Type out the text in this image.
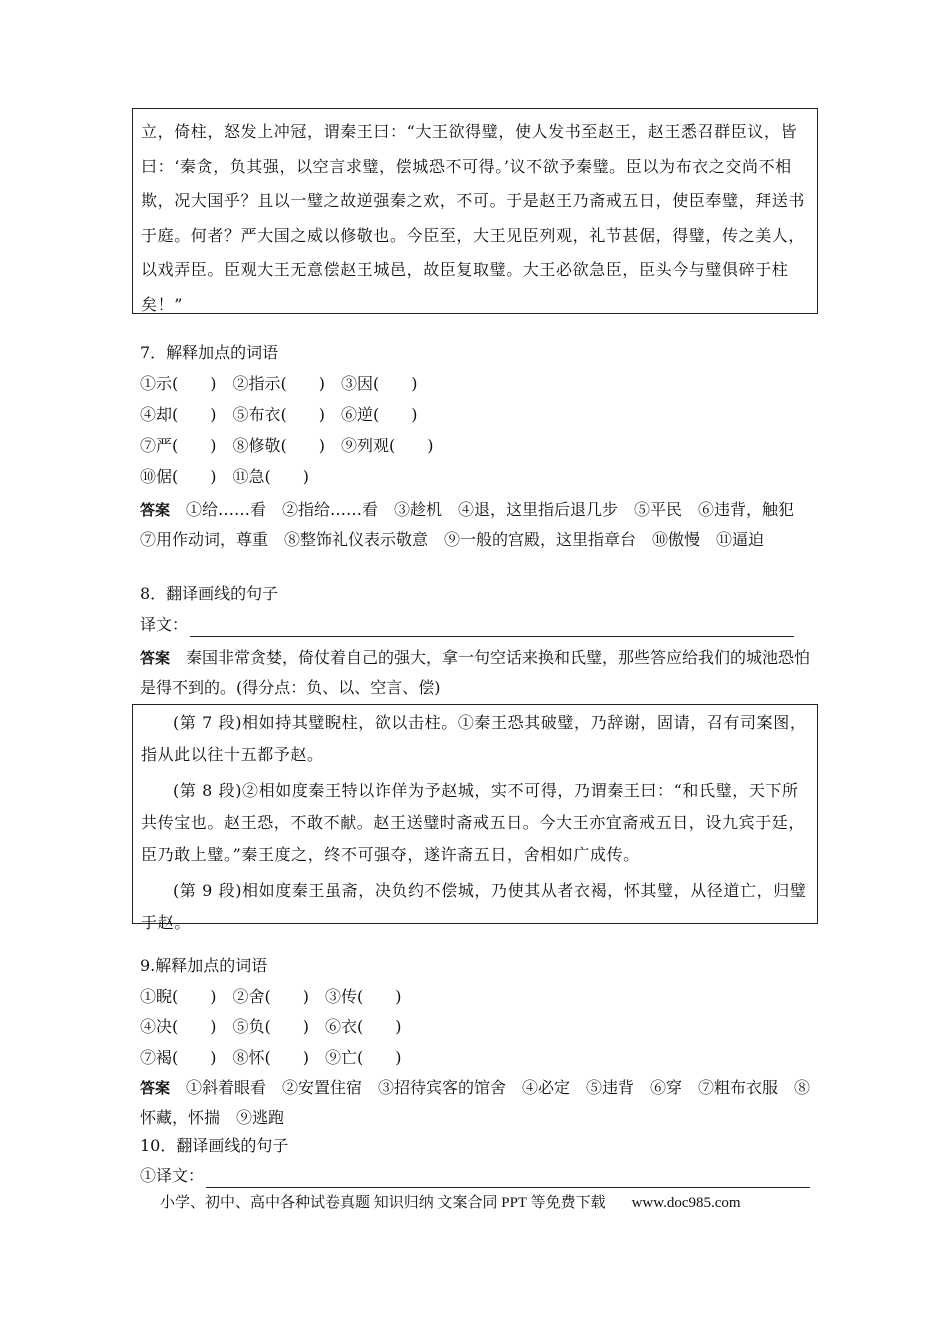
立，倚柱，怒发上冲冠，谓秦王曰：“大王欲得璧，使人发书至赵王，赵王悉召群臣议，皆曰：‘秦贪，负其强，以空言求璧，偿城恐不可得。’议不欲予秦璧。臣以为布衣之交尚不相欺，况大国乎？且以一璧之故逆强秦之欢，不可。于是赵王乃斋戒五日，使臣奉璧，拜送书于庭。何者？严大国之威以修敬也。今臣至，大王见臣列观，礼节甚倨，得璧，传之美人，以戏弄臣。臣观大王无意偿赵王城邑，故臣复取璧。大王必欲急臣，臣头今与璧俱碎于柱矣！”

7．解释加点的词语
①示(　　)　②指示(　　)　③因(　　)
④却(　　)　⑤布衣(　　)　⑥逆(　　)
⑦严(　　)　⑧修敬(　　)　⑨列观(　　)
⑩倨(　　)　⑪急(　　)
答案　 ①给……看　②指给……看　③趁机　④退，这里指后退几步　⑤平民　⑥违背，触犯　⑦用作动词，尊重　⑧整饰礼仪表示敬意　⑨一般的宫殿，这里指章台　⑩傲慢　⑪逼迫
8．翻译画线的句子
译文：
答案　 秦国非常贪婪，倚仗着自己的强大，拿一句空话来换和氏璧，那些答应给我们的城池恐怕是得不到的。(得分点：负、以、空言、偿)

(第 7 段)相如持其璧睨柱，欲以击柱。①秦王恐其破璧，乃辞谢，固请，召有司案图，指从此以往十五都予赵。

(第 8 段)②相如度秦王特以诈佯为予赵城，实不可得，乃谓秦王曰：“和氏璧，天下所共传宝也。赵王恐，不敢不献。赵王送璧时斋戒五日。今大王亦宜斋戒五日，设九宾于廷，臣乃敢上璧。”秦王度之，终不可强夺，遂许斋五日，舍相如广成传。

(第 9 段)相如度秦王虽斋，决负约不偿城，乃使其从者衣褐，怀其璧，从径道亡，归璧于赵。

9.解释加点的词语
①睨(　　)　②舍(　　)　③传(　　)
④决(　　)　⑤负(　　)　⑥衣(　　)
⑦褐(　　)　⑧怀(　　)　⑨亡(　　)
答案　 ①斜着眼看　②安置住宿　③招待宾客的馆舍　④必定　⑤违背　⑥穿　⑦粗布衣服　⑧怀藏，怀揣　⑨逃跑
10．翻译画线的句子
①译文：
小学、初中、高中各种试卷真题 知识归纳 文案合同 PPT 等免费下载 www.doc985.com
